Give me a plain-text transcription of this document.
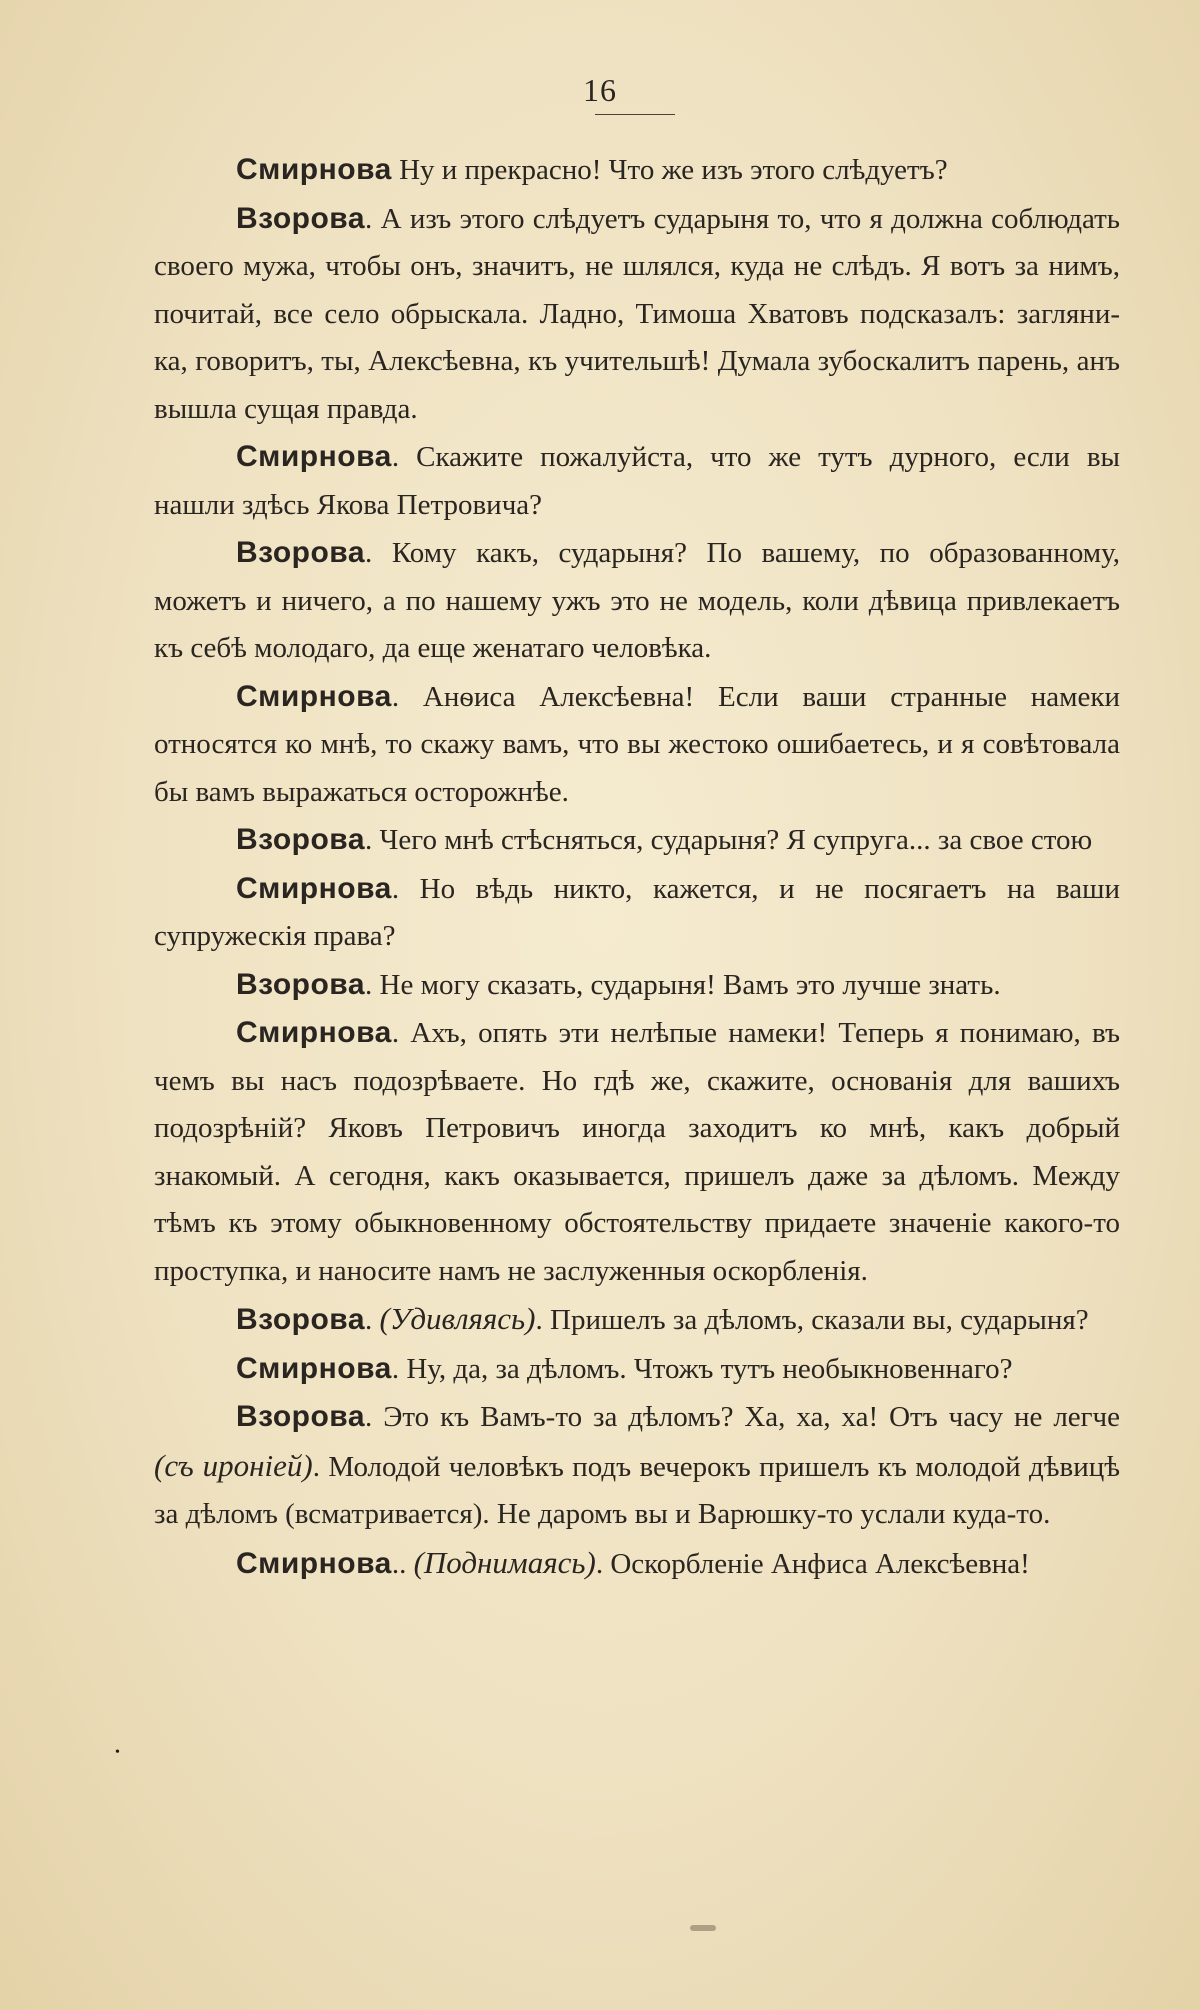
16

Смирнова Ну и прекрасно! Что же изъ этого слѣдуетъ?

Взорова. А изъ этого слѣдуетъ сударыня то, что я должна соблюдать своего мужа, чтобы онъ, значитъ, не шлялся, куда не слѣдъ. Я вотъ за нимъ, почитай, все село обрыскала. Ладно, Тимоша Хватовъ подсказалъ: загляни-ка, говоритъ, ты, Алексѣевна, къ учительшѣ! Думала зубоскалитъ парень, анъ вышла сущая правда.

Смирнова. Скажите пожалуйста, что же тутъ дурного, если вы нашли здѣсь Якова Петровича?

Взорова. Кому какъ, сударыня? По вашему, по образованному, можетъ и ничего, а по нашему ужъ это не модель, коли дѣвица привлекаетъ къ себѣ молодаго, да еще женатаго человѣка.

Смирнова. Анѳиса Алексѣевна! Если ваши странные намеки относятся ко мнѣ, то скажу вамъ, что вы жестоко ошибаетесь, и я совѣтовала бы вамъ выражаться осторожнѣе.

Взорова. Чего мнѣ стѣсняться, сударыня? Я супруга... за свое стою

Смирнова. Но вѣдь никто, кажется, и не посягаетъ на ваши супружескія права?

Взорова. Не могу сказать, сударыня! Вамъ это лучше знать.

Смирнова. Ахъ, опять эти нелѣпые намеки! Теперь я понимаю, въ чемъ вы насъ подозрѣваете. Но гдѣ же, скажите, основанія для вашихъ подозрѣній? Яковъ Петровичъ иногда заходитъ ко мнѣ, какъ добрый знакомый. А сегодня, какъ оказывается, пришелъ даже за дѣломъ. Между тѣмъ къ этому обыкновенному обстоятельству придаете значеніе какого-то проступка, и наносите намъ не заслуженныя оскорбленія.

Взорова. (Удивляясь). Пришелъ за дѣломъ, сказали вы, сударыня?

Смирнова. Ну, да, за дѣломъ. Чтожъ тутъ необыкновеннаго?

Взорова. Это къ Вамъ-то за дѣломъ? Ха, ха, ха! Отъ часу не легче (съ ироніей). Молодой человѣкъ подъ вечерокъ пришелъ къ молодой дѣвицѣ за дѣломъ (всматривается). Не даромъ вы и Варюшку-то услали куда-то.

Смирнова.. (Поднимаясь). Оскорбленіе Анфиса Алексѣевна!

•
